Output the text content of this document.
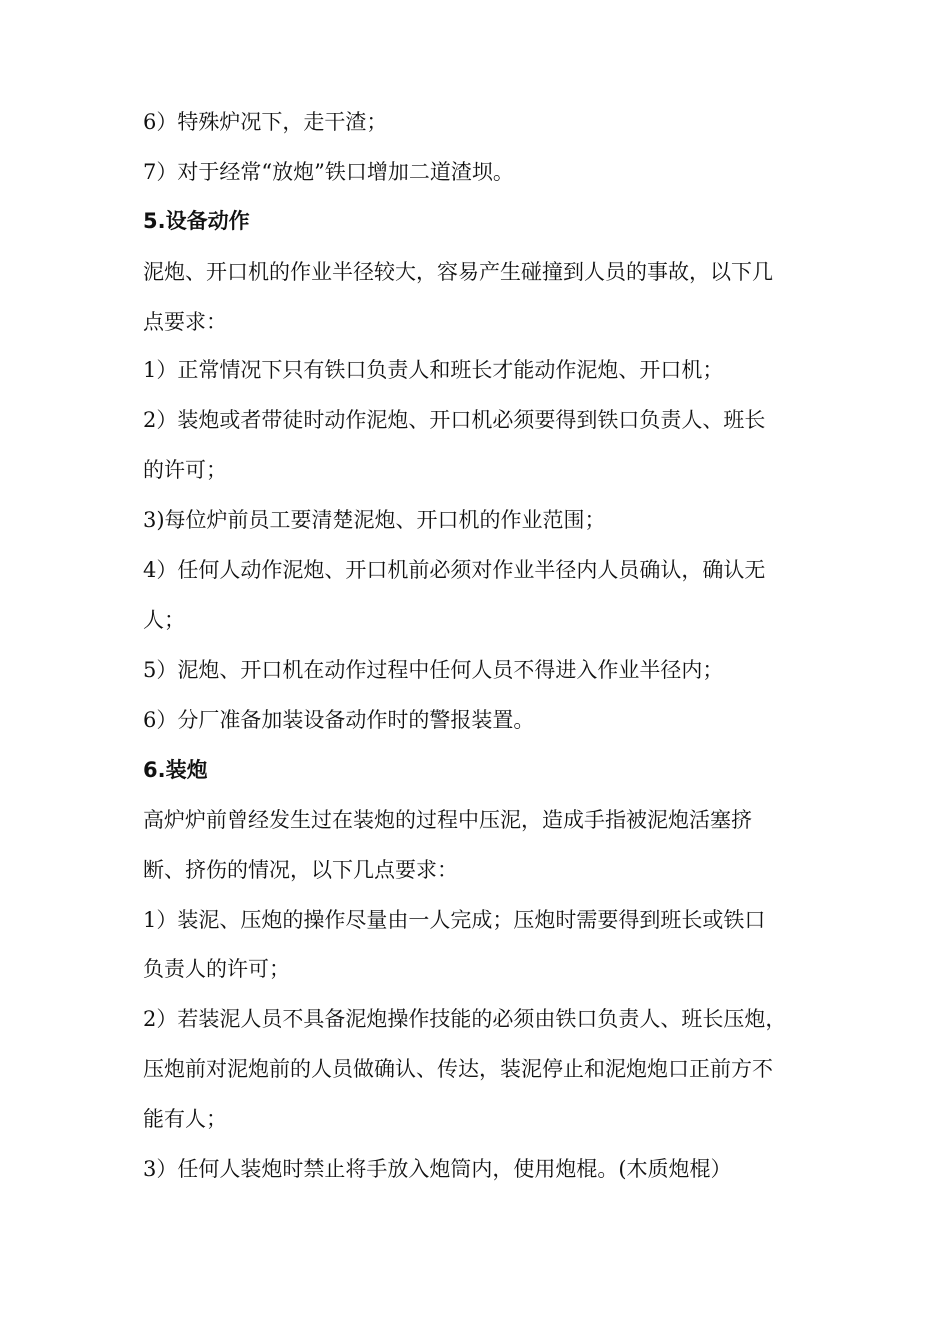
6）特殊炉况下，走干渣；
7）对于经常“放炮”铁口增加二道渣坝。
5.设备动作
泥炮、开口机的作业半径较大，容易产生碰撞到人员的事故，以下几
点要求：
1）正常情况下只有铁口负责人和班长才能动作泥炮、开口机；
2）装炮或者带徒时动作泥炮、开口机必须要得到铁口负责人、班长
的许可；
3)每位炉前员工要清楚泥炮、开口机的作业范围；
4）任何人动作泥炮、开口机前必须对作业半径内人员确认，确认无
人；
5）泥炮、开口机在动作过程中任何人员不得进入作业半径内；
6）分厂准备加装设备动作时的警报装置。
6.装炮
高炉炉前曾经发生过在装炮的过程中压泥，造成手指被泥炮活塞挤
断、挤伤的情况，以下几点要求：
1）装泥、压炮的操作尽量由一人完成；压炮时需要得到班长或铁口
负责人的许可；
2）若装泥人员不具备泥炮操作技能的必须由铁口负责人、班长压炮，
压炮前对泥炮前的人员做确认、传达，装泥停止和泥炮炮口正前方不
能有人；
3）任何人装炮时禁止将手放入炮筒内，使用炮棍。(木质炮棍）
